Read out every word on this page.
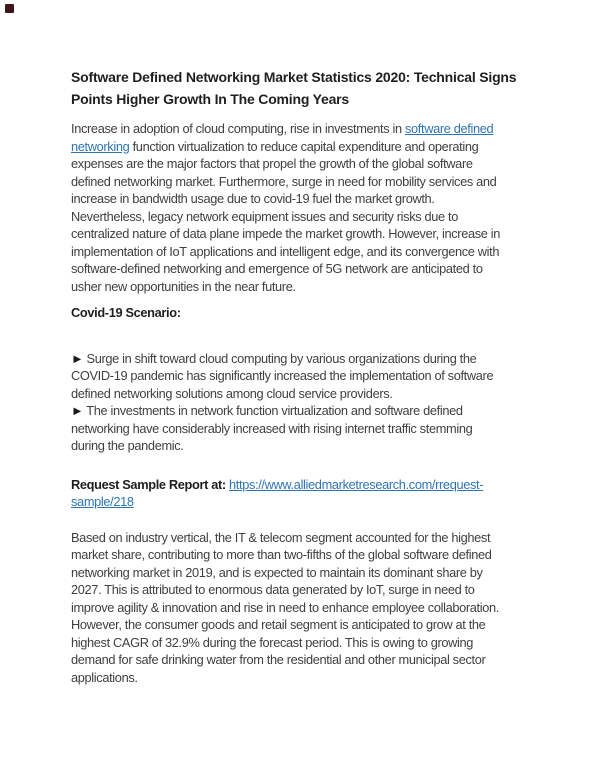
Software Defined Networking Market Statistics 2020: Technical Signs
Points Higher Growth In The Coming Years
Increase in adoption of cloud computing, rise in investments in software defined
networking function virtualization to reduce capital expenditure and operating
expenses are the major factors that propel the growth of the global software
defined networking market. Furthermore, surge in need for mobility services and
increase in bandwidth usage due to covid-19 fuel the market growth.
Nevertheless, legacy network equipment issues and security risks due to
centralized nature of data plane impede the market growth. However, increase in
implementation of IoT applications and intelligent edge, and its convergence with
software-defined networking and emergence of 5G network are anticipated to
usher new opportunities in the near future.
Covid-19 Scenario:
► Surge in shift toward cloud computing by various organizations during the
COVID-19 pandemic has significantly increased the implementation of software
defined networking solutions among cloud service providers.
► The investments in network function virtualization and software defined
networking have considerably increased with rising internet traffic stemming
during the pandemic.
Request Sample Report at: https://www.alliedmarketresearch.com/rrequest-
sample/218
Based on industry vertical, the IT & telecom segment accounted for the highest
market share, contributing to more than two-fifths of the global software defined
networking market in 2019, and is expected to maintain its dominant share by
2027. This is attributed to enormous data generated by IoT, surge in need to
improve agility & innovation and rise in need to enhance employee collaboration.
However, the consumer goods and retail segment is anticipated to grow at the
highest CAGR of 32.9% during the forecast period. This is owing to growing
demand for safe drinking water from the residential and other municipal sector
applications.
